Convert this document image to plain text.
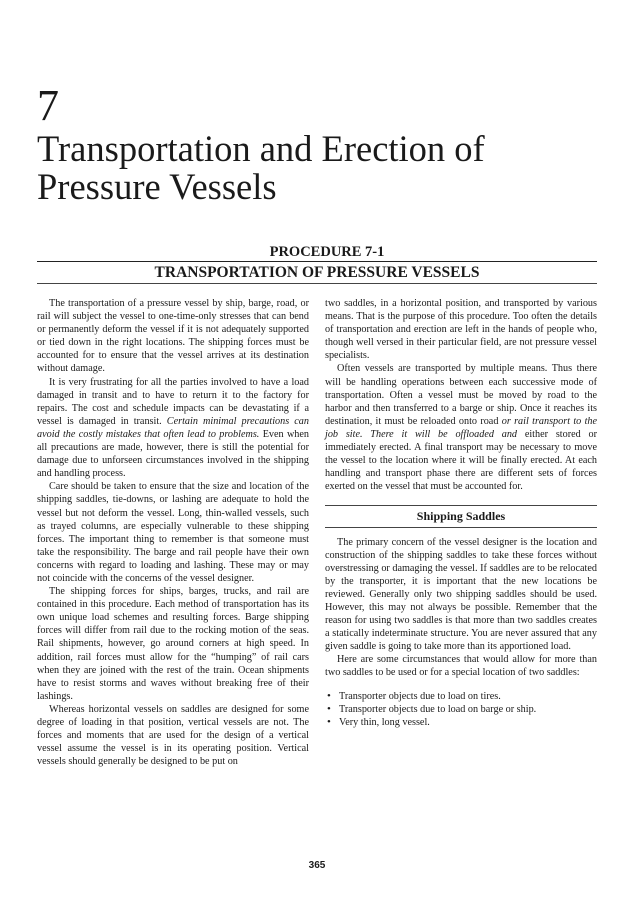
7
Transportation and Erection of
Pressure Vessels
PROCEDURE 7-1
TRANSPORTATION OF PRESSURE VESSELS

The transportation of a pressure vessel by ship, barge, road, or rail will subject the vessel to one-time-only stresses that can bend or permanently deform the vessel if it is not adequately supported or tied down in the right locations. The shipping forces must be accounted for to ensure that the vessel arrives at its destination without damage.

It is very frustrating for all the parties involved to have a load damaged in transit and to have to return it to the factory for repairs. The cost and schedule impacts can be devastating if a vessel is damaged in transit. Certain minimal precautions can avoid the costly mistakes that often lead to problems. Even when all precautions are made, however, there is still the potential for damage due to unforseen circumstances involved in the shipping and handling process.

Care should be taken to ensure that the size and location of the shipping saddles, tie-downs, or lashing are adequate to hold the vessel but not deform the vessel. Long, thin-walled vessels, such as trayed columns, are especially vulnerable to these shipping forces. The important thing to remember is that someone must take the responsibility. The barge and rail people have their own concerns with regard to loading and lashing. These may or may not coincide with the concerns of the vessel designer.

The shipping forces for ships, barges, trucks, and rail are contained in this procedure. Each method of transportation has its own unique load schemes and resulting forces. Barge shipping forces will differ from rail due to the rocking motion of the seas. Rail shipments, however, go around corners at high speed. In addition, rail forces must allow for the “humping” of rail cars when they are joined with the rest of the train. Ocean shipments have to resist storms and waves without breaking free of their lashings.

Whereas horizontal vessels on saddles are designed for some degree of loading in that position, vertical vessels are not. The forces and moments that are used for the design of a vertical vessel assume the vessel is in its operating position. Vertical vessels should generally be designed to be put on

two saddles, in a horizontal position, and transported by various means. That is the purpose of this procedure. Too often the details of transportation and erection are left in the hands of people who, though well versed in their particular field, are not pressure vessel specialists.

Often vessels are transported by multiple means. Thus there will be handling operations between each successive mode of transportation. Often a vessel must be moved by road to the harbor and then transferred to a barge or ship. Once it reaches its destination, it must be reloaded onto road or rail transport to the job site. There it will be offloaded and either stored or immediately erected. A final transport may be necessary to move the vessel to the location where it will be finally erected. At each handling and transport phase there are different sets of forces exerted on the vessel that must be accounted for.

Shipping Saddles

The primary concern of the vessel designer is the location and construction of the shipping saddles to take these forces without overstressing or damaging the vessel. If saddles are to be relocated by the transporter, it is important that the new locations be reviewed. Generally only two shipping saddles should be used. However, this may not always be possible. Remember that the reason for using two saddles is that more than two saddles creates a statically indeterminate structure. You are never assured that any given saddle is going to take more than its apportioned load.

Here are some circumstances that would allow for more than two saddles to be used or for a special location of two saddles:

• Transporter objects due to load on tires.
• Transporter objects due to load on barge or ship.
• Very thin, long vessel.
365
